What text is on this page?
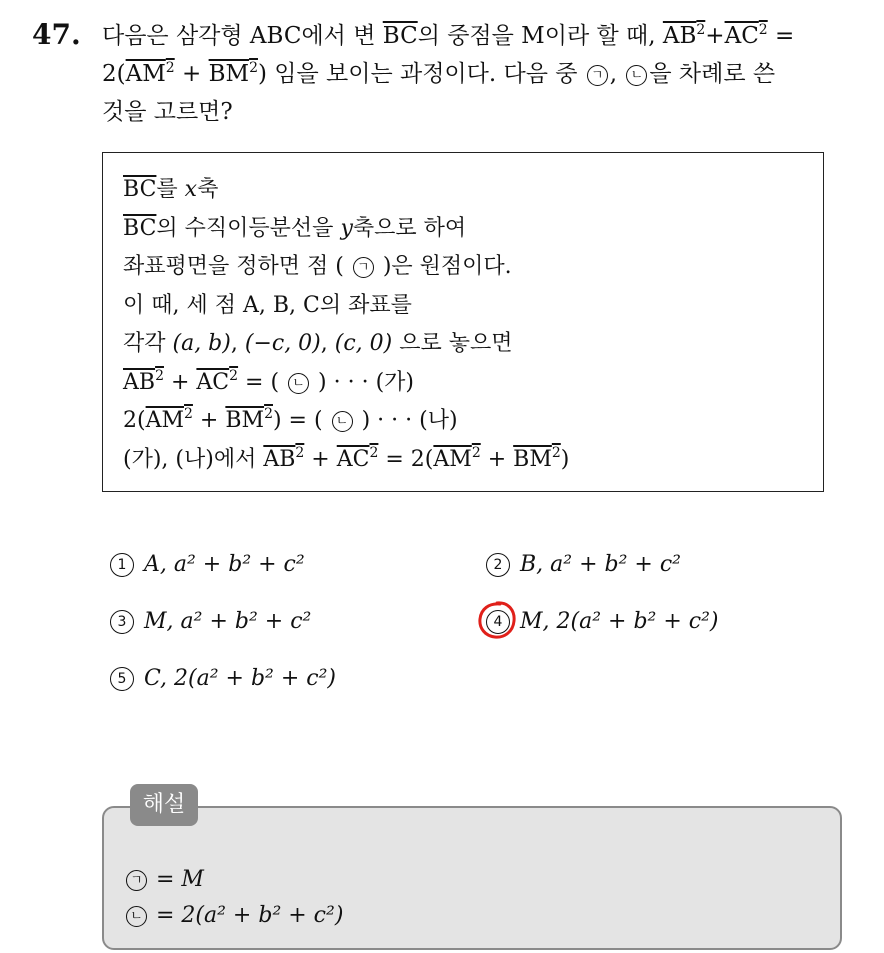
47. 다음은 삼각형 ABC에서 변 $\overline{BC}$의 중점을 M이라 할 때, $AB^2+AC^2$ =
$2(AM^2 + BM^2)$ 임을 보이는 과정이다. 다음 중 ㄱ , ㄴ 을 차례로 쓴
것을 고르면?
$\overline{BC}$를 x축
$\overline{BC}$의 수직이등분선을 y축으로 하여
좌표평면을 정하면 점 ( ㄱ )은 원점이다.
이 때, 세 점 A, B, C의 좌표를
각각 (a, b), (−c, 0), (c, 0) 으로 놓으면
$AB^2 + AC^2$ = ( ㄴ ) · · · (가)
$2(AM^2 + BM^2)$ = ( ㄴ ) · · · (나)
(가), (나)에서 $AB^2 + AC^2 = 2(AM^2 + BM^2)$
1 A, a² + b² + c²	2 B, a² + b² + c²
3 M, a² + b² + c²	4 M, 2(a² + b² + c²)
5 C, 2(a² + b² + c²)
ㄱ = M
ㄴ = 2(a² + b² + c²)
해설
